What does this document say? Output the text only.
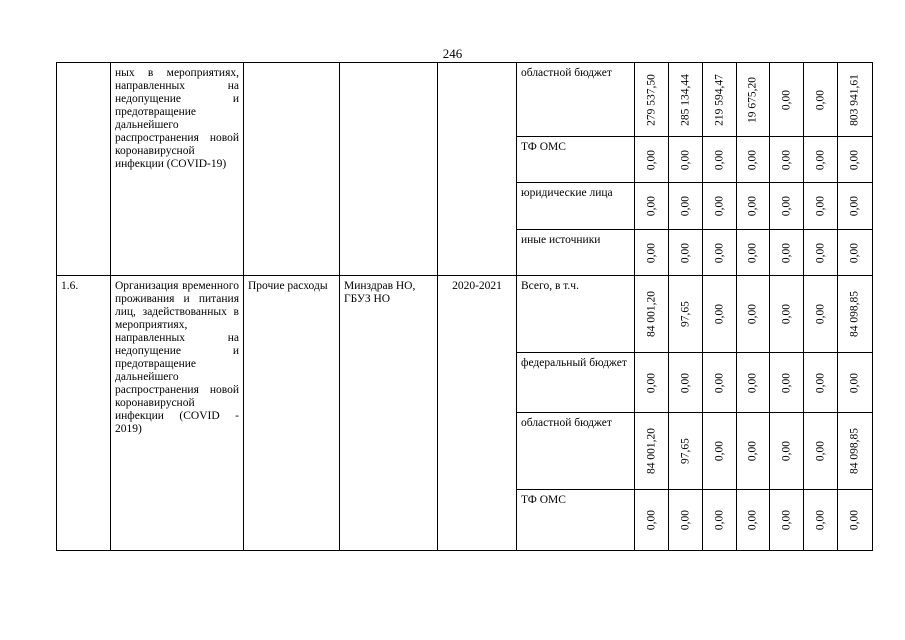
246
	ных в мероприятиях, направленных на недопущение и предотвращение дальнейшего распространения новой коронавирусной инфекции (COVID-19)				областной бюджет	279 537,50	285 134,44	219 594,47	19 675,20	0,00	0,00	803 941,61

					ТФ ОМС	0,00	0,00	0,00	0,00	0,00	0,00	0,00

					юридические лица	0,00	0,00	0,00	0,00	0,00	0,00	0,00

					иные источники	0,00	0,00	0,00	0,00	0,00	0,00	0,00

1.6.	Организация временного проживания и питания лиц, задействованных в мероприятиях, направленных на недопущение и предотвращение дальнейшего распространения новой коронавирусной инфекции (COVID - 2019)	Прочие расходы	Минздрав НО, ГБУЗ НО	2020-2021	Всего, в т.ч.	84 001,20	97,65	0,00	0,00	0,00	0,00	84 098,85

					федеральный бюджет	0,00	0,00	0,00	0,00	0,00	0,00	0,00

					областной бюджет	84 001,20	97,65	0,00	0,00	0,00	0,00	84 098,85

					ТФ ОМС	0,00	0,00	0,00	0,00	0,00	0,00	0,00
